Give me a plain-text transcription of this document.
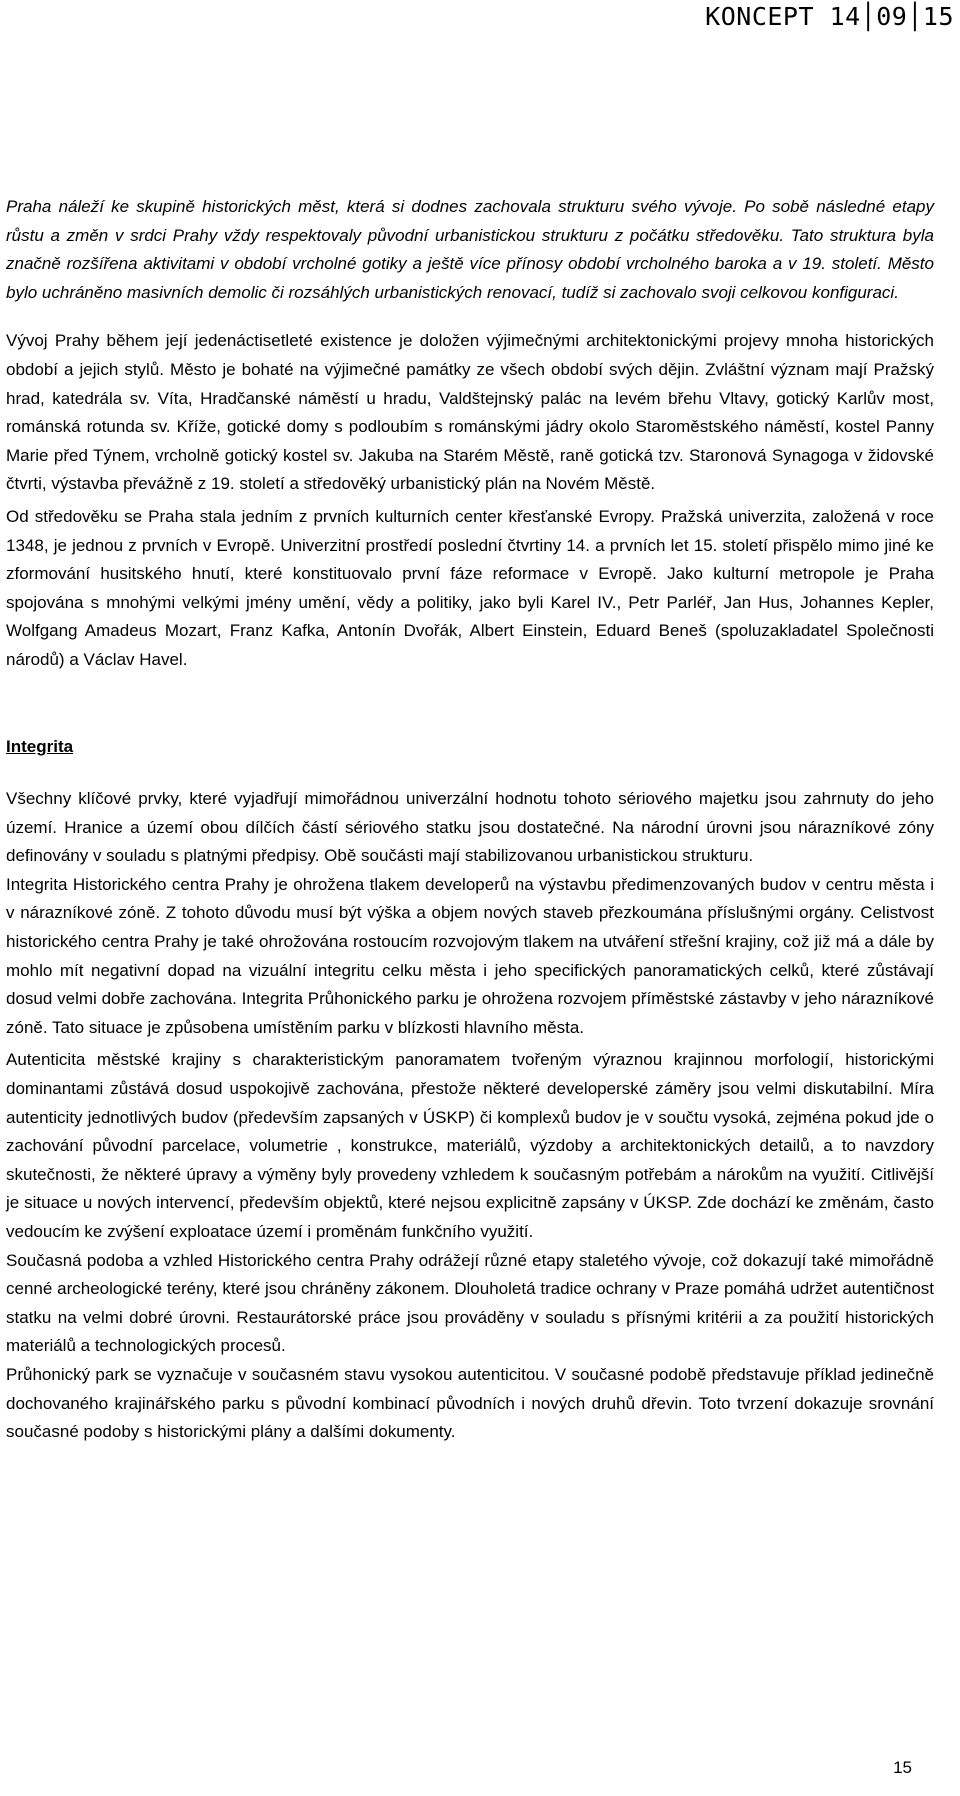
KONCEPT 14│09│15

Praha náleží ke skupině historických měst, která si dodnes zachovala strukturu svého vývoje. Po sobě následné etapy růstu a změn v srdci Prahy vždy respektovaly původní urbanistickou strukturu z počátku středověku. Tato struktura byla značně rozšířena aktivitami v období vrcholné gotiky a ještě více přínosy období vrcholného baroka a v 19. století. Město bylo uchráněno masivních demolic či rozsáhlých urbanistických renovací, tudíž si zachovalo svoji celkovou konfiguraci.

Vývoj Prahy během její jedenáctisetleté existence je doložen výjimečnými architektonickými projevy mnoha historických období a jejich stylů. Město je bohaté na výjimečné památky ze všech období svých dějin. Zvláštní význam mají Pražský hrad, katedrála sv. Víta, Hradčanské náměstí u hradu, Valdštejnský palác na levém břehu Vltavy, gotický Karlův most, románská rotunda sv. Kříže, gotické domy s podloubím s románskými jádry okolo Staroměstského náměstí, kostel Panny Marie před Týnem, vrcholně gotický kostel sv. Jakuba na Starém Městě, raně gotická tzv. Staronová Synagoga v židovské čtvrti, výstavba převážně z 19. století a středověký urbanistický plán na Novém Městě.

Od středověku se Praha stala jedním z prvních kulturních center křesťanské Evropy. Pražská univerzita, založená v roce 1348, je jednou z prvních v Evropě. Univerzitní prostředí poslední čtvrtiny 14. a prvních let 15. století přispělo mimo jiné ke zformování husitského hnutí, které konstituovalo první fáze reformace v Evropě. Jako kulturní metropole je Praha spojována s mnohými velkými jmény umění, vědy a politiky, jako byli Karel IV., Petr Parléř, Jan Hus, Johannes Kepler, Wolfgang Amadeus Mozart, Franz Kafka, Antonín Dvořák, Albert Einstein, Eduard Beneš (spoluzakladatel Společnosti národů) a Václav Havel.

Integrita

Všechny klíčové prvky, které vyjadřují mimořádnou univerzální hodnotu tohoto sériového majetku jsou zahrnuty do jeho území. Hranice a území obou dílčích částí sériového statku jsou dostatečné. Na národní úrovni jsou nárazníkové zóny definovány v souladu s platnými předpisy. Obě součásti mají stabilizovanou urbanistickou strukturu.

Integrita Historického centra Prahy je ohrožena tlakem developerů na výstavbu předimenzovaných budov v centru města i v nárazníkové zóně. Z tohoto důvodu musí být výška a objem nových staveb přezkoumána příslušnými orgány. Celistvost historického centra Prahy je také ohrožována rostoucím rozvojovým tlakem na utváření střešní krajiny, což již má a dále by mohlo mít negativní dopad na vizuální integritu celku města i jeho specifických panoramatických celků, které zůstávají dosud velmi dobře zachována. Integrita Průhonického parku je ohrožena rozvojem příměstské zástavby v jeho nárazníkové zóně. Tato situace je způsobena umístěním parku v blízkosti hlavního města.

Autenticita městské krajiny s charakteristickým panoramatem tvořeným výraznou krajinnou morfologií, historickými dominantami zůstává dosud uspokojivě zachována, přestože některé developerské záměry jsou velmi diskutabilní. Míra autenticity jednotlivých budov (především zapsaných v ÚSKP) či komplexů budov je v součtu vysoká, zejména pokud jde o zachování původní parcelace, volumetrie , konstrukce, materiálů, výzdoby a architektonických detailů, a to navzdory skutečnosti, že některé úpravy a výměny byly provedeny vzhledem k současným potřebám a nárokům na využití. Citlivější je situace u nových intervencí, především objektů, které nejsou explicitně zapsány v ÚKSP. Zde dochází ke změnám, často vedoucím ke zvýšení exploatace území i proměnám funkčního využití.

Současná podoba a vzhled Historického centra Prahy odrážejí různé etapy staletého vývoje, což dokazují také mimořádně cenné archeologické terény, které jsou chráněny zákonem. Dlouholetá tradice ochrany v Praze pomáhá udržet autentičnost statku na velmi dobré úrovni. Restaurátorské práce jsou prováděny v souladu s přísnými kritérii a za použití historických materiálů a technologických procesů.

Průhonický park se vyznačuje v současném stavu vysokou autenticitou. V současné podobě představuje příklad jedinečně dochovaného krajinářského parku s původní kombinací původních i nových druhů dřevin. Toto tvrzení dokazuje srovnání současné podoby s historickými plány a dalšími dokumenty.

15
